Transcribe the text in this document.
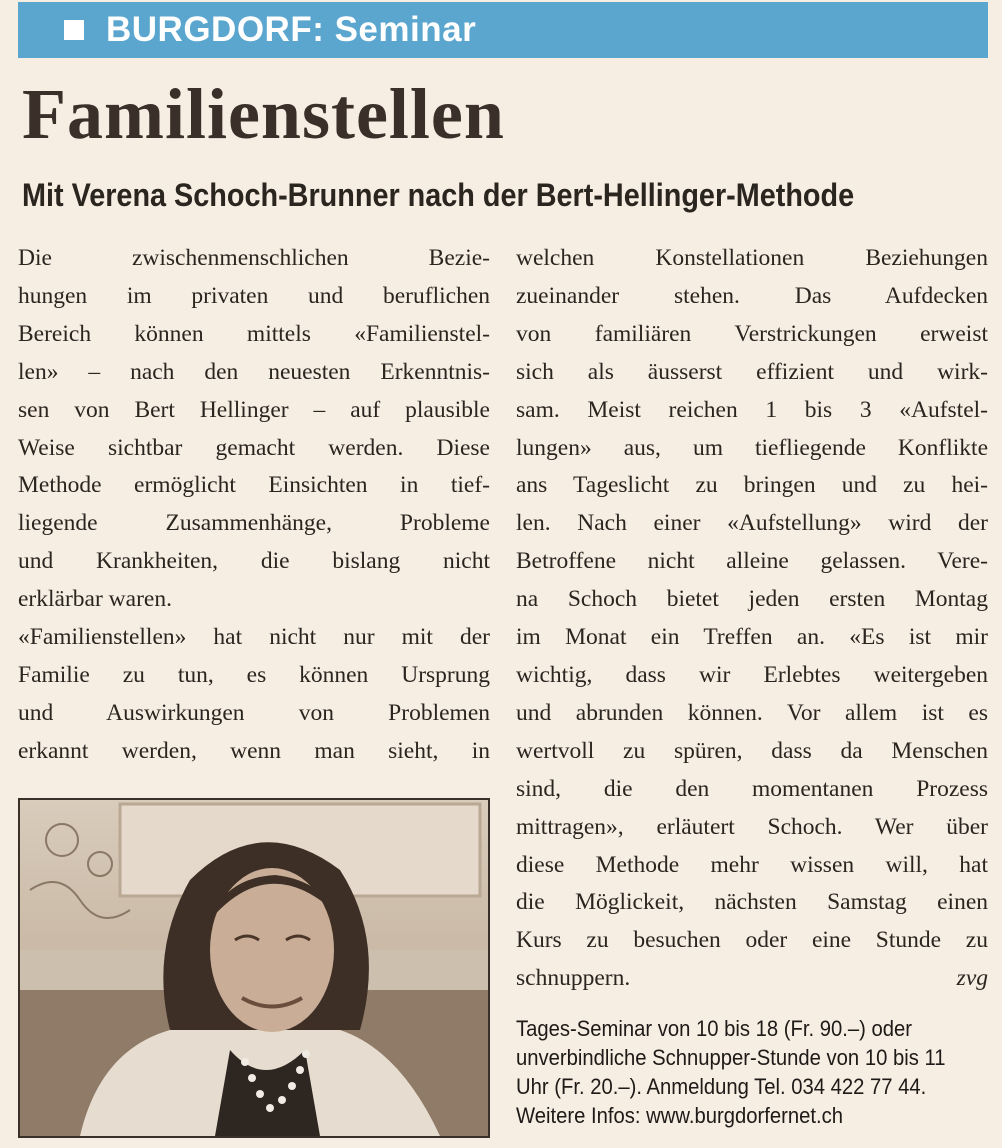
BURGDORF: Seminar
Familienstellen
Mit Verena Schoch-Brunner nach der Bert-Hellinger-Methode
Die zwischenmenschlichen Bezie-
hungen im privaten und beruflichen
Bereich können mittels «Familienstel-
len» – nach den neuesten Erkenntnis-
sen von Bert Hellinger – auf plausible
Weise sichtbar gemacht werden. Diese
Methode ermöglicht Einsichten in tief-
liegende Zusammenhänge, Probleme
und Krankheiten, die bislang nicht
erklärbar waren.
«Familienstellen» hat nicht nur mit der
Familie zu tun, es können Ursprung
und Auswirkungen von Problemen
erkannt werden, wenn man sieht, in
welchen Konstellationen Beziehungen
zueinander stehen. Das Aufdecken
von familiären Verstrickungen erweist
sich als äusserst effizient und wirk-
sam. Meist reichen 1 bis 3 «Aufstel-
lungen» aus, um tiefliegende Konflikte
ans Tageslicht zu bringen und zu hei-
len. Nach einer «Aufstellung» wird der
Betroffene nicht alleine gelassen. Vere-
na Schoch bietet jeden ersten Montag
im Monat ein Treffen an. «Es ist mir
wichtig, dass wir Erlebtes weitergeben
und abrunden können. Vor allem ist es
wertvoll zu spüren, dass da Menschen
sind, die den momentanen Prozess
mittragen», erläutert Schoch. Wer über
diese Methode mehr wissen will, hat
die Möglickeit, nächsten Samstag einen
Kurs zu besuchen oder eine Stunde zu
schnuppern.	zvg
Tages-Seminar von 10 bis 18 (Fr. 90.–) oder
unverbindliche Schnupper-Stunde von 10 bis 11
Uhr (Fr. 20.–). Anmeldung Tel. 034 422 77 44.
Weitere Infos: www.burgdorfernet.ch
